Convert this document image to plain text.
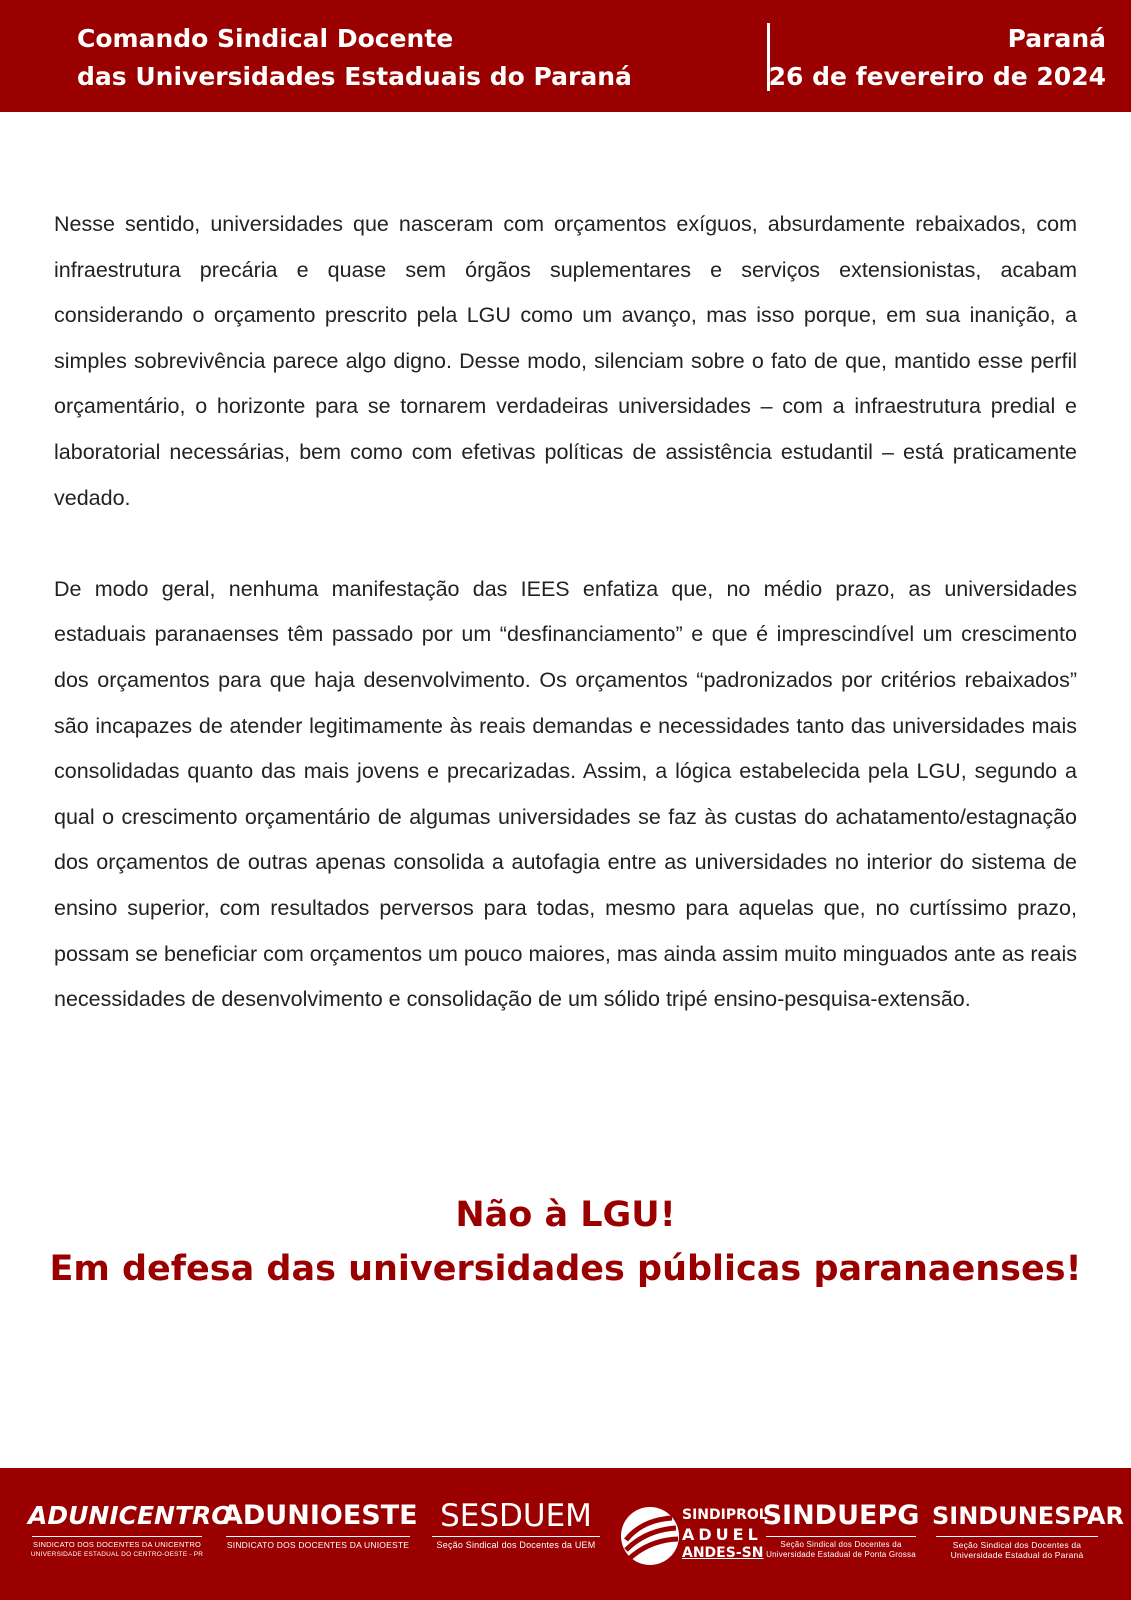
Comando Sindical Docente
das Universidades Estaduais do Paraná
Paraná
26 de fevereiro de 2024

Nesse sentido, universidades que nasceram com orçamentos exíguos, absurdamente rebaixados, com infraestrutura precária e quase sem órgãos suplementares e serviços extensionistas, acabam considerando o orçamento prescrito pela LGU como um avanço, mas isso porque, em sua inanição, a simples sobrevivência parece algo digno. Desse modo, silenciam sobre o fato de que, mantido esse perfil orçamentário, o horizonte para se tornarem verdadeiras universidades – com a infraestrutura predial e laboratorial necessárias, bem como com efetivas políticas de assistência estudantil – está praticamente vedado.

De modo geral, nenhuma manifestação das IEES enfatiza que, no médio prazo, as universidades estaduais paranaenses têm passado por um “desfinanciamento” e que é imprescindível um crescimento dos orçamentos para que haja desenvolvimento. Os orçamentos “padronizados por critérios rebaixados” são incapazes de atender legitimamente às reais demandas e necessidades tanto das universidades mais consolidadas quanto das mais jovens e precarizadas. Assim, a lógica estabelecida pela LGU, segundo a qual o crescimento orçamentário de algumas universidades se faz às custas do achatamento/estagnação dos orçamentos de outras apenas consolida a autofagia entre as universidades no interior do sistema de ensino superior, com resultados perversos para todas, mesmo para aquelas que, no curtíssimo prazo, possam se beneficiar com orçamentos um pouco maiores, mas ainda assim muito minguados ante as reais necessidades de desenvolvimento e consolidação de um sólido tripé ensino-pesquisa-extensão.

Não à LGU!
Em defesa das universidades públicas paranaenses!
ADUNICENTRO
SINDICATO DOS DOCENTES DA UNICENTRO
UNIVERSIDADE ESTADUAL DO CENTRO-OESTE - PR
ADUNIOESTE
SINDICATO DOS DOCENTES DA UNIOESTE
SESDUEM
Seção Sindical dos Docentes da UEM
SINDIPROL
ADUEL
ANDES-SN
SINDUEPG
Seção Sindical dos Docentes da
Universidade Estadual de Ponta Grossa
SINDUNESPAR
Seção Sindical dos Docentes da
Universidade Estadual do Paraná
